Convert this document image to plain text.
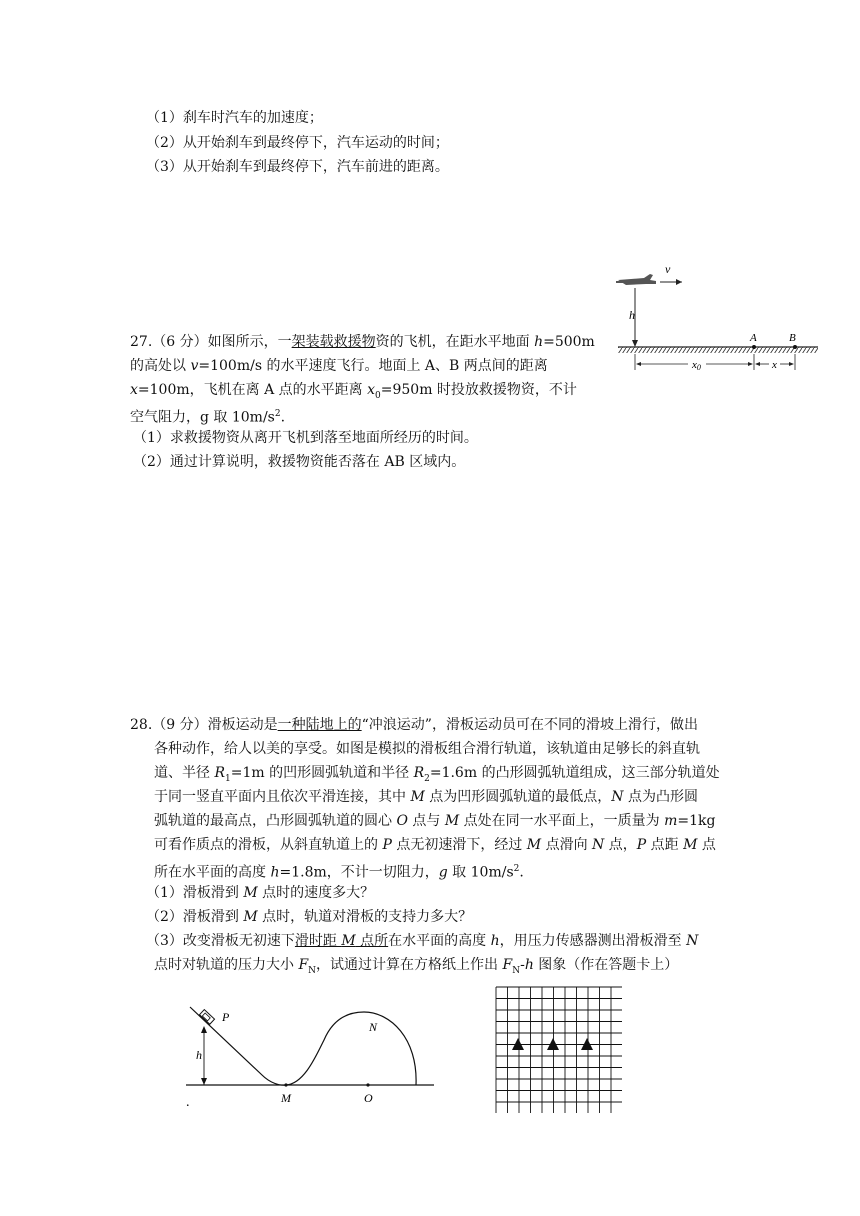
（1）刹车时汽车的加速度；
（2）从开始刹车到最终停下，汽车运动的时间；
（3）从开始刹车到最终停下，汽车前进的距离。
27.（6 分）如图所示，一架装载救援物资的飞机，在距水平地面 h=500m
的高处以 v=100m/s 的水平速度飞行。地面上 A、B 两点间的距离
x=100m，飞机在离 A 点的水平距离 $x_0=950m$ 时投放救援物资，不计
空气阻力，g 取 $10m/s^2$.
（1）求救援物资从离开飞机到落至地面所经历的时间。
（2）通过计算说明，救援物资能否落在 AB 区域内。
v
h
A	B
x0	x
28.（9 分）滑板运动是一种陆地上的“冲浪运动”，滑板运动员可在不同的滑坡上滑行，做出
各种动作，给人以美的享受。如图是模拟的滑板组合滑行轨道，该轨道由足够长的斜直轨
道、半径 $R_1=1m$ 的凹形圆弧轨道和半径 $R_2=1.6m$ 的凸形圆弧轨道组成，这三部分轨道处
于同一竖直平面内且依次平滑连接，其中 M 点为凹形圆弧轨道的最低点，N 点为凸形圆
弧轨道的最高点，凸形圆弧轨道的圆心 O 点与 M 点处在同一水平面上，一质量为 m=1kg
可看作质点的滑板，从斜直轨道上的 P 点无初速滑下，经过 M 点滑向 N 点，P 点距 M 点
所在水平面的高度 h=1.8m，不计一切阻力，g 取 $10m/s^2$.
（1）滑板滑到 M 点时的速度多大？
（2）滑板滑到 M 点时，轨道对滑板的支持力多大？
（3）改变滑板无初速下滑时距 M 点所在水平面的高度 h，用压力传感器测出滑板滑至 N
点时对轨道的压力大小 $F_N$，试通过计算在方格纸上作出 $F_N-h$ 图象（作在答题卡上）
P
h
N
M	O
.
